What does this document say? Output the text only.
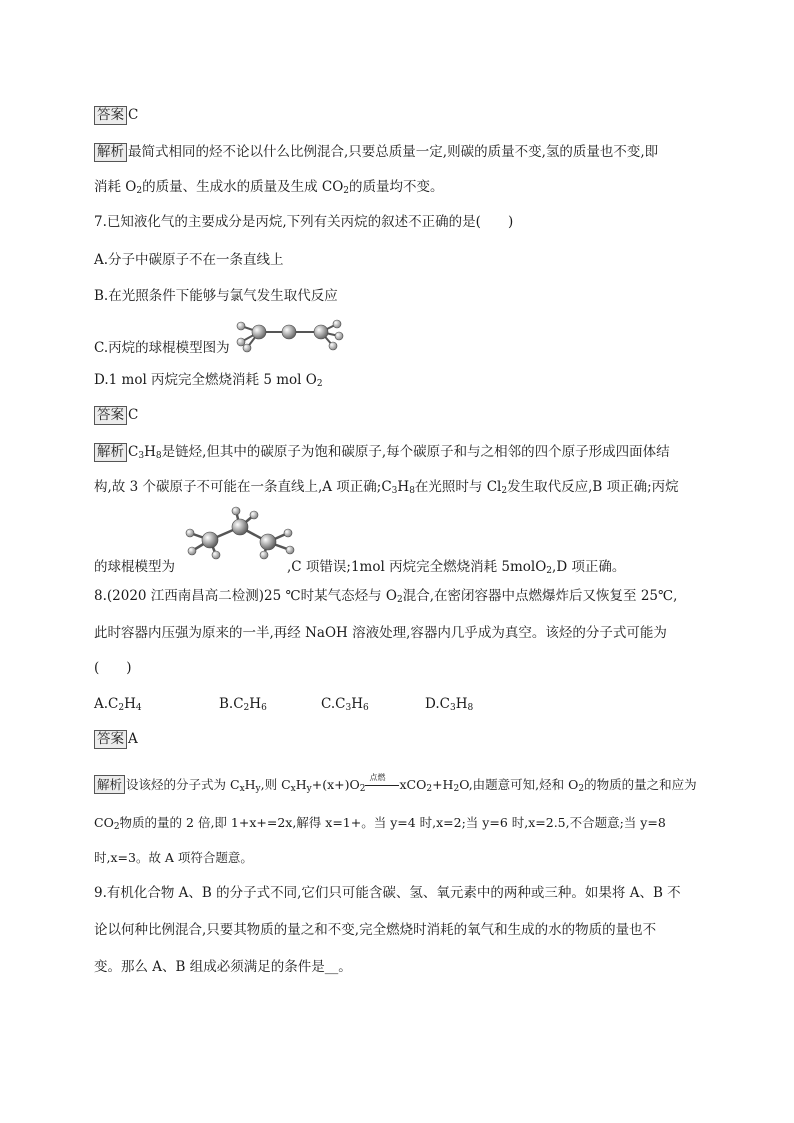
答案 C
解析 最简式相同的烃不论以什么比例混合,只要总质量一定,则碳的质量不变,氢的质量也不变,即
消耗 $O_2$的质量、生成水的质量及生成 $CO_2$的质量均不变。
7.已知液化气的主要成分是丙烷,下列有关丙烷的叙述不正确的是(　　)
A.分子中碳原子不在一条直线上
B.在光照条件下能够与氯气发生取代反应
C.丙烷的球棍模型图为
D.1 mol 丙烷完全燃烧消耗 5 mol $O_2$
答案 C
解析 $C_3H_8$是链烃,但其中的碳原子为饱和碳原子,每个碳原子和与之相邻的四个原子形成四面体结
构,故 3 个碳原子不可能在一条直线上,A 项正确$;C_3H_8$在光照时与 $Cl_2$发生取代反应,B 项正确;丙烷
的球棍模型为	,C 项错误;1mol 丙烷完全燃烧消耗 5molO$_2$,D 项正确。
8.(2020 江西南昌高二检测)25 ℃时某气态烃与 $O_2$混合,在密闭容器中点燃爆炸后又恢复至 25℃,
此时容器内压强为原来的一半,再经 NaOH 溶液处理,容器内几乎成为真空。该烃的分子式可能为
(　　)
$A.C_2H_4$	$B.C_2H_6$	$C.C_3H_6$	$D.C_3H_8$
答案 A
解析 设该烃的分子式为 $C_xH_y$,则 $C_xH_y+(x+)O_2$
点燃 $xCO_2+H_2O$,由题意可知,烃和 $O_2$的物质的量之和应为
$CO_2$物质的量的 2 倍,即 1+x+=2x,解得 x=1+。当 y=4 时,x=2;当 y=6 时,x=2.5,不合题意;当 y=8
时,x=3。故 A 项符合题意。
9.有机化合物 A、B 的分子式不同,它们只可能含碳、氢、氧元素中的两种或三种。如果将 A、B 不
论以何种比例混合,只要其物质的量之和不变,完全燃烧时消耗的氧气和生成的水的物质的量也不
变。那么 A、B 组成必须满足的条件是__。
